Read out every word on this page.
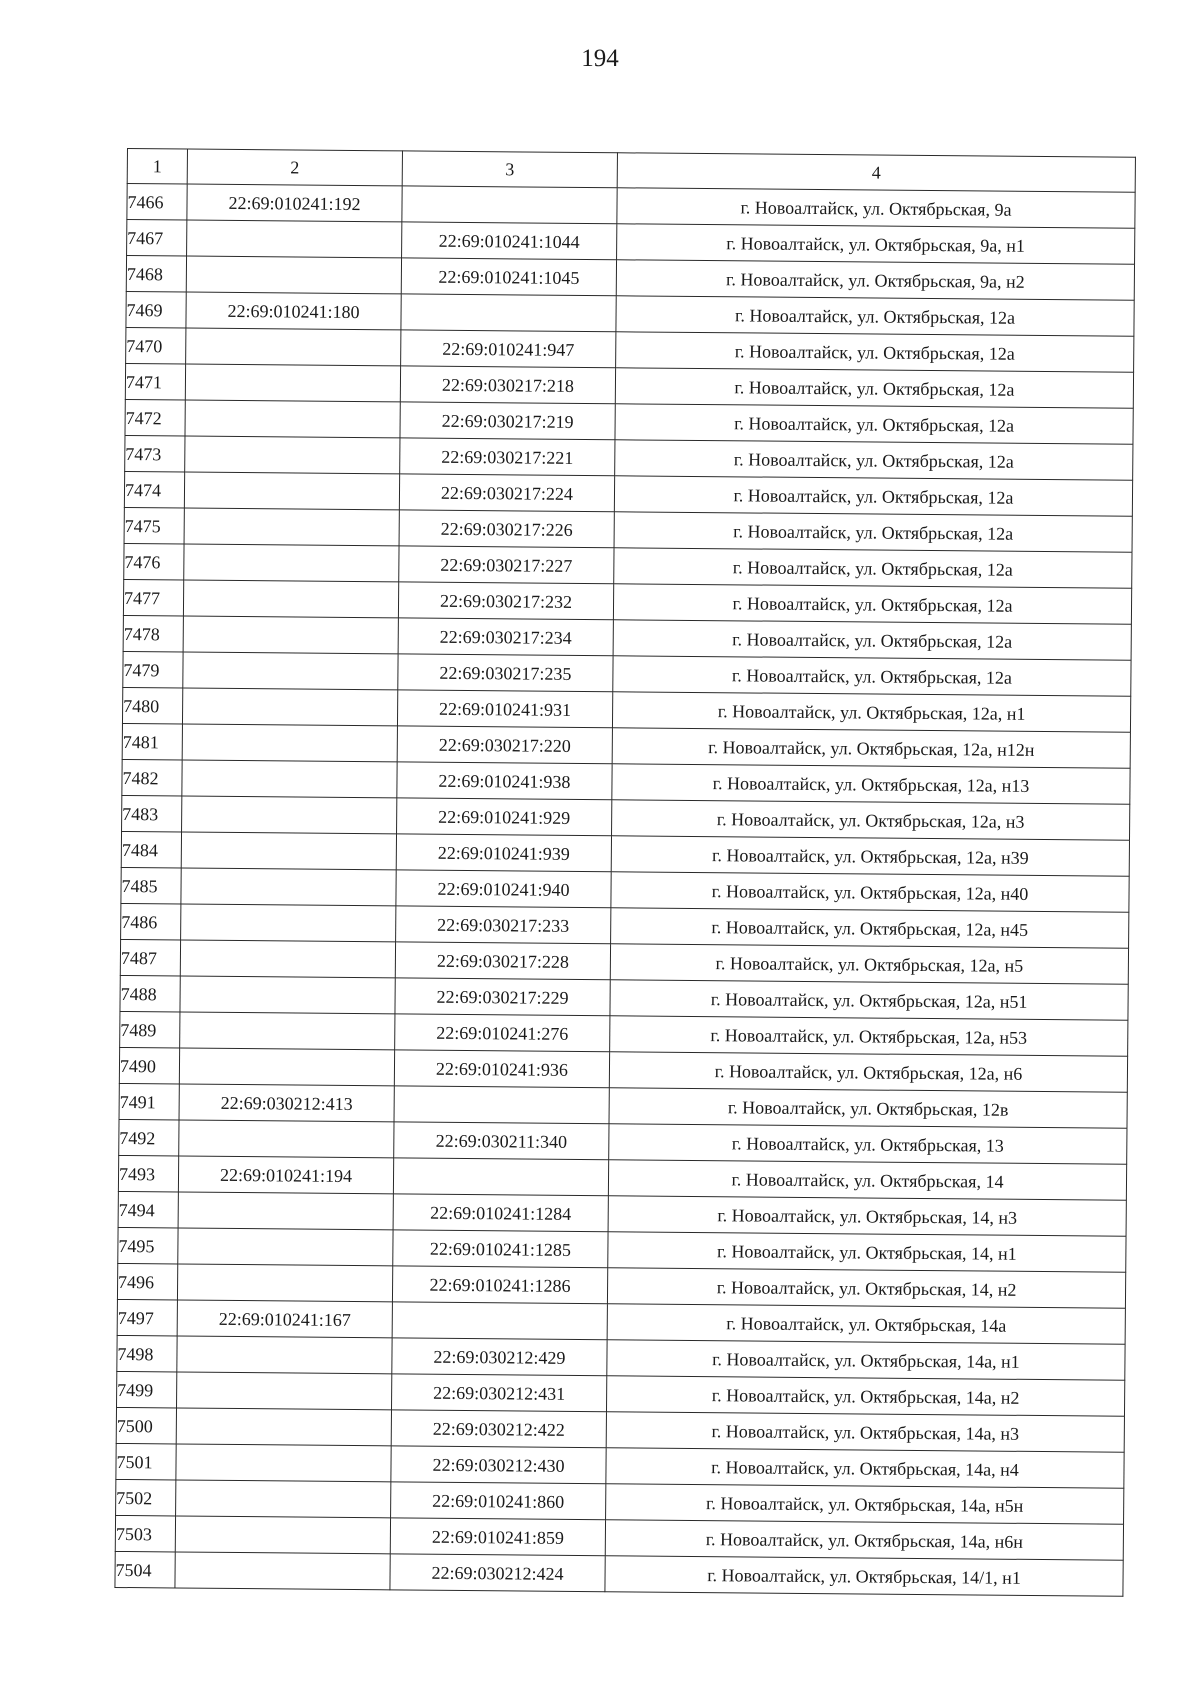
194
1	2	3	4
7466	22:69:010241:192		г. Новоалтайск, ул. Октябрьская, 9а
7467		22:69:010241:1044	г. Новоалтайск, ул. Октябрьская, 9а, н1
7468		22:69:010241:1045	г. Новоалтайск, ул. Октябрьская, 9а, н2
7469	22:69:010241:180		г. Новоалтайск, ул. Октябрьская, 12а
7470		22:69:010241:947	г. Новоалтайск, ул. Октябрьская, 12а
7471		22:69:030217:218	г. Новоалтайск, ул. Октябрьская, 12а
7472		22:69:030217:219	г. Новоалтайск, ул. Октябрьская, 12а
7473		22:69:030217:221	г. Новоалтайск, ул. Октябрьская, 12а
7474		22:69:030217:224	г. Новоалтайск, ул. Октябрьская, 12а
7475		22:69:030217:226	г. Новоалтайск, ул. Октябрьская, 12а
7476		22:69:030217:227	г. Новоалтайск, ул. Октябрьская, 12а
7477		22:69:030217:232	г. Новоалтайск, ул. Октябрьская, 12а
7478		22:69:030217:234	г. Новоалтайск, ул. Октябрьская, 12а
7479		22:69:030217:235	г. Новоалтайск, ул. Октябрьская, 12а
7480		22:69:010241:931	г. Новоалтайск, ул. Октябрьская, 12а, н1
7481		22:69:030217:220	г. Новоалтайск, ул. Октябрьская, 12а, н12н
7482		22:69:010241:938	г. Новоалтайск, ул. Октябрьская, 12а, н13
7483		22:69:010241:929	г. Новоалтайск, ул. Октябрьская, 12а, н3
7484		22:69:010241:939	г. Новоалтайск, ул. Октябрьская, 12а, н39
7485		22:69:010241:940	г. Новоалтайск, ул. Октябрьская, 12а, н40
7486		22:69:030217:233	г. Новоалтайск, ул. Октябрьская, 12а, н45
7487		22:69:030217:228	г. Новоалтайск, ул. Октябрьская, 12а, н5
7488		22:69:030217:229	г. Новоалтайск, ул. Октябрьская, 12а, н51
7489		22:69:010241:276	г. Новоалтайск, ул. Октябрьская, 12а, н53
7490		22:69:010241:936	г. Новоалтайск, ул. Октябрьская, 12а, н6
7491	22:69:030212:413		г. Новоалтайск, ул. Октябрьская, 12в
7492		22:69:030211:340	г. Новоалтайск, ул. Октябрьская, 13
7493	22:69:010241:194		г. Новоалтайск, ул. Октябрьская, 14
7494		22:69:010241:1284	г. Новоалтайск, ул. Октябрьская, 14, н3
7495		22:69:010241:1285	г. Новоалтайск, ул. Октябрьская, 14, н1
7496		22:69:010241:1286	г. Новоалтайск, ул. Октябрьская, 14, н2
7497	22:69:010241:167		г. Новоалтайск, ул. Октябрьская, 14а
7498		22:69:030212:429	г. Новоалтайск, ул. Октябрьская, 14а, н1
7499		22:69:030212:431	г. Новоалтайск, ул. Октябрьская, 14а, н2
7500		22:69:030212:422	г. Новоалтайск, ул. Октябрьская, 14а, н3
7501		22:69:030212:430	г. Новоалтайск, ул. Октябрьская, 14а, н4
7502		22:69:010241:860	г. Новоалтайск, ул. Октябрьская, 14а, н5н
7503		22:69:010241:859	г. Новоалтайск, ул. Октябрьская, 14а, н6н
7504		22:69:030212:424	г. Новоалтайск, ул. Октябрьская, 14/1, н1
